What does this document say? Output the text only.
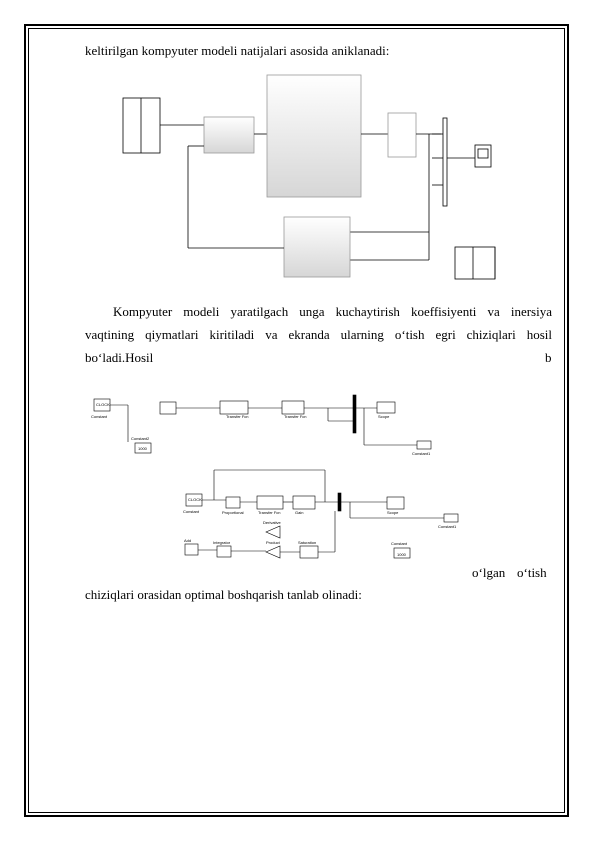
keltirilgan kompyuter modeli natijalari asosida aniklanadi:
Kompyuter modeli yaratilgach unga kuchaytirish koeffisiyenti va inersiya
vaqtining qiymatlari kiritiladi va ekranda ularning o‘tish egri chiziqlari hosil
bo‘ladi.Hosil	b
CLOCK
Constant
Constant2
1000
Transfer Fcn	Transfer Fcn	Scope
Constant1
CLOCK
Constant	Proportional	Transfer Fcn	Gain	Scope
Constant1
Derivative
Integrator
Add	Product	Saturation	Constant
1000
o‘lgan o‘tish
chiziqlari orasidan optimal boshqarish tanlab olinadi:
